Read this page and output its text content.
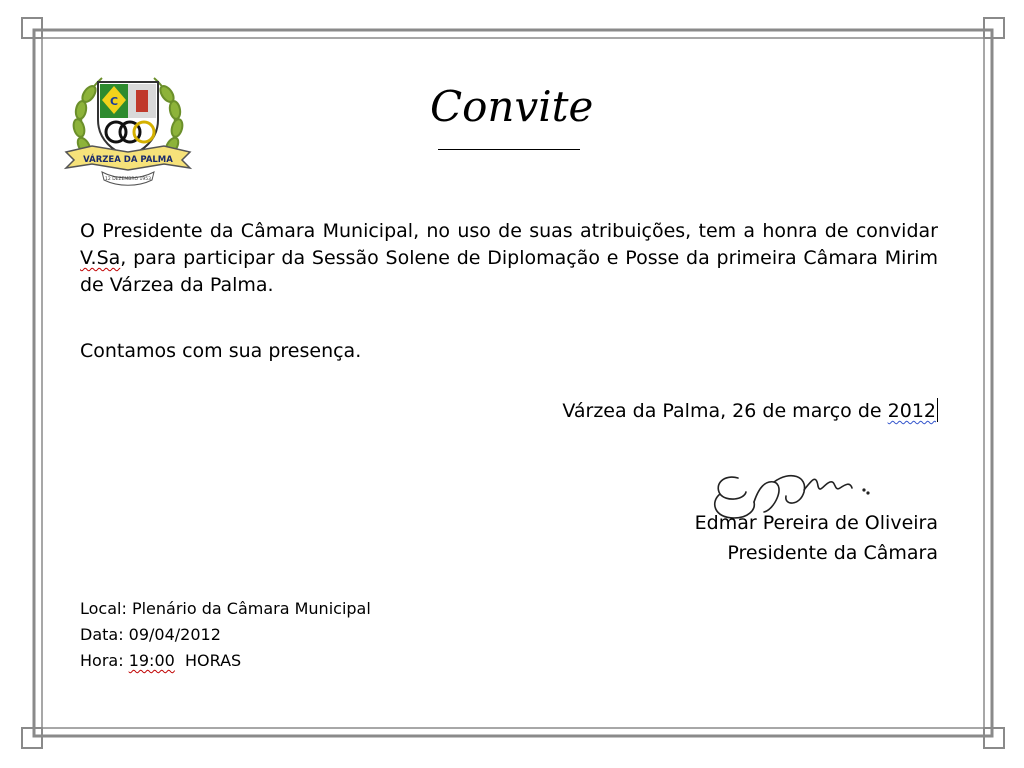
C
VÁRZEA DA PALMA
12 DEZEMBRO 1953
Convite

O Presidente da Câmara Municipal, no uso de suas atribuições, tem a honra de convidar V.Sa, para participar da Sessão Solene de Diplomação e Posse da primeira Câmara Mirim de Várzea da Palma.

Contamos com sua presença.

Várzea da Palma, 26 de março de 2012

Edmar Pereira de Oliveira
Presidente da Câmara
Local: Plenário da Câmara Municipal
Data: 09/04/2012
Hora: 19:00  HORAS
